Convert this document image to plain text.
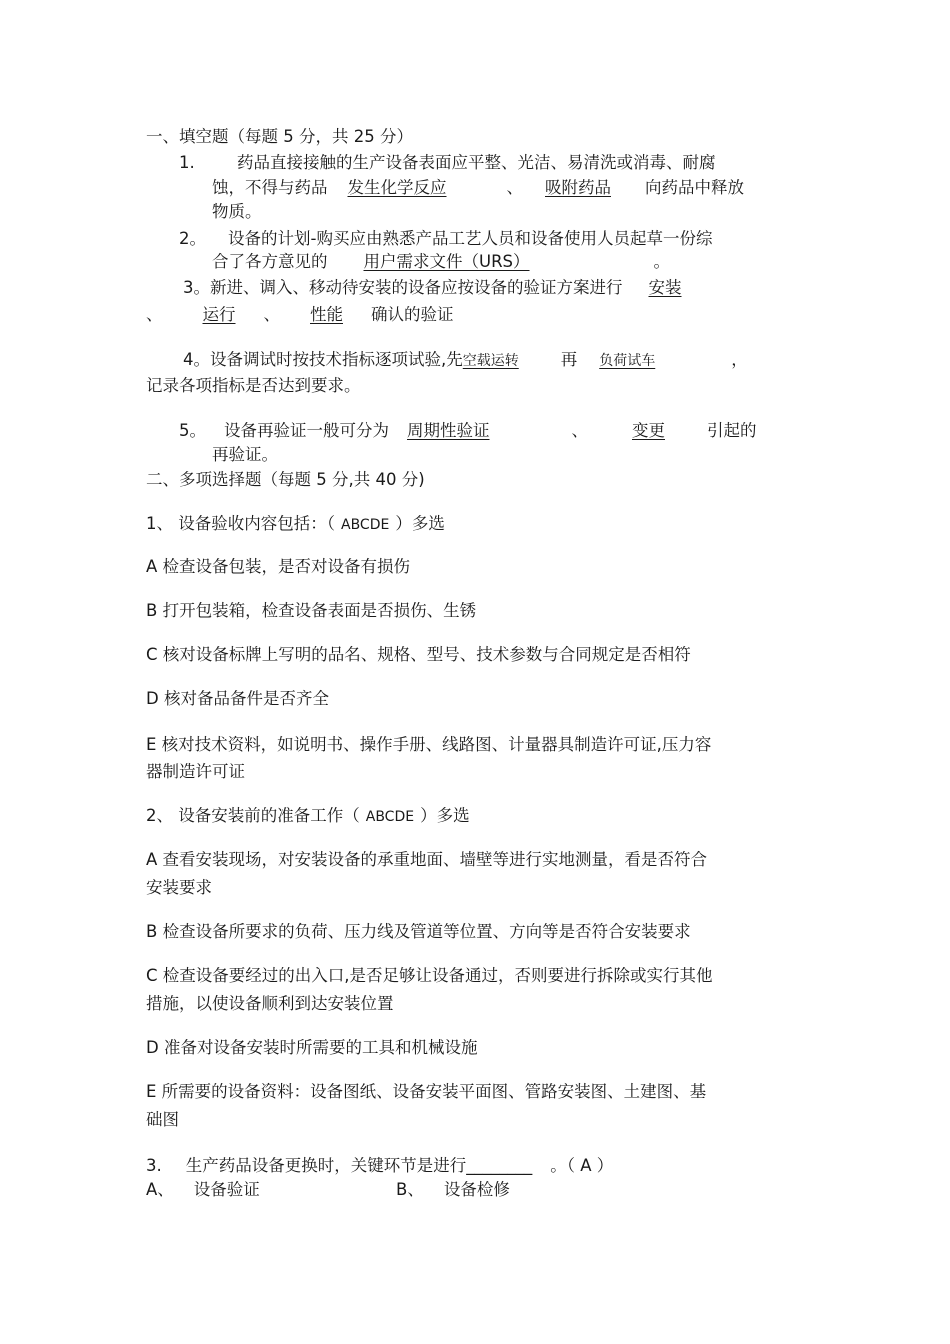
一、填空题（每题 5 分，共 25 分）
1.	药品直接接触的生产设备表面应平整、光洁、易清洗或消毒、耐腐
蚀，不得与药品 发生化学反应	、 吸附药品 向药品中释放
物质。
2。 设备的计划-购买应由熟悉产品工艺人员和设备使用人员起草一份综
合了各方意见的 用户需求文件（URS）	。
3。新进、调入、移动待安装的设备应按设备的验证方案进行 安装
、 运行 、 性能 确认的验证
4。设备调试时按技术指标逐项试验,先空载运转	再 负荷试车	，
记录各项指标是否达到要求。
5。 设备再验证一般可分为 周期性验证	、	变更	引起的
再验证。
二、多项选择题（每题 5 分,共 40 分)
1、 设备验收内容包括：（ ABCDE ）多选
A 检查设备包装，是否对设备有损伤
B 打开包装箱，检查设备表面是否损伤、生锈
C 核对设备标牌上写明的品名、规格、型号、技术参数与合同规定是否相符
D 核对备品备件是否齐全
E 核对技术资料，如说明书、操作手册、线路图、计量器具制造许可证,压力容
器制造许可证
2、 设备安装前的准备工作（ ABCDE ）多选
A 查看安装现场，对安装设备的承重地面、墙壁等进行实地测量，看是否符合
安装要求
B 检查设备所要求的负荷、压力线及管道等位置、方向等是否符合安装要求
C 检查设备要经过的出入口,是否足够让设备通过，否则要进行拆除或实行其他
措施，以使设备顺利到达安装位置
D 准备对设备安装时所需要的工具和机械设施
E 所需要的设备资料：设备图纸、设备安装平面图、管路安装图、土建图、基
础图
3. 生产药品设备更换时，关键环节是进行________ 。（ A ）
A、 设备验证	B、 设备检修
